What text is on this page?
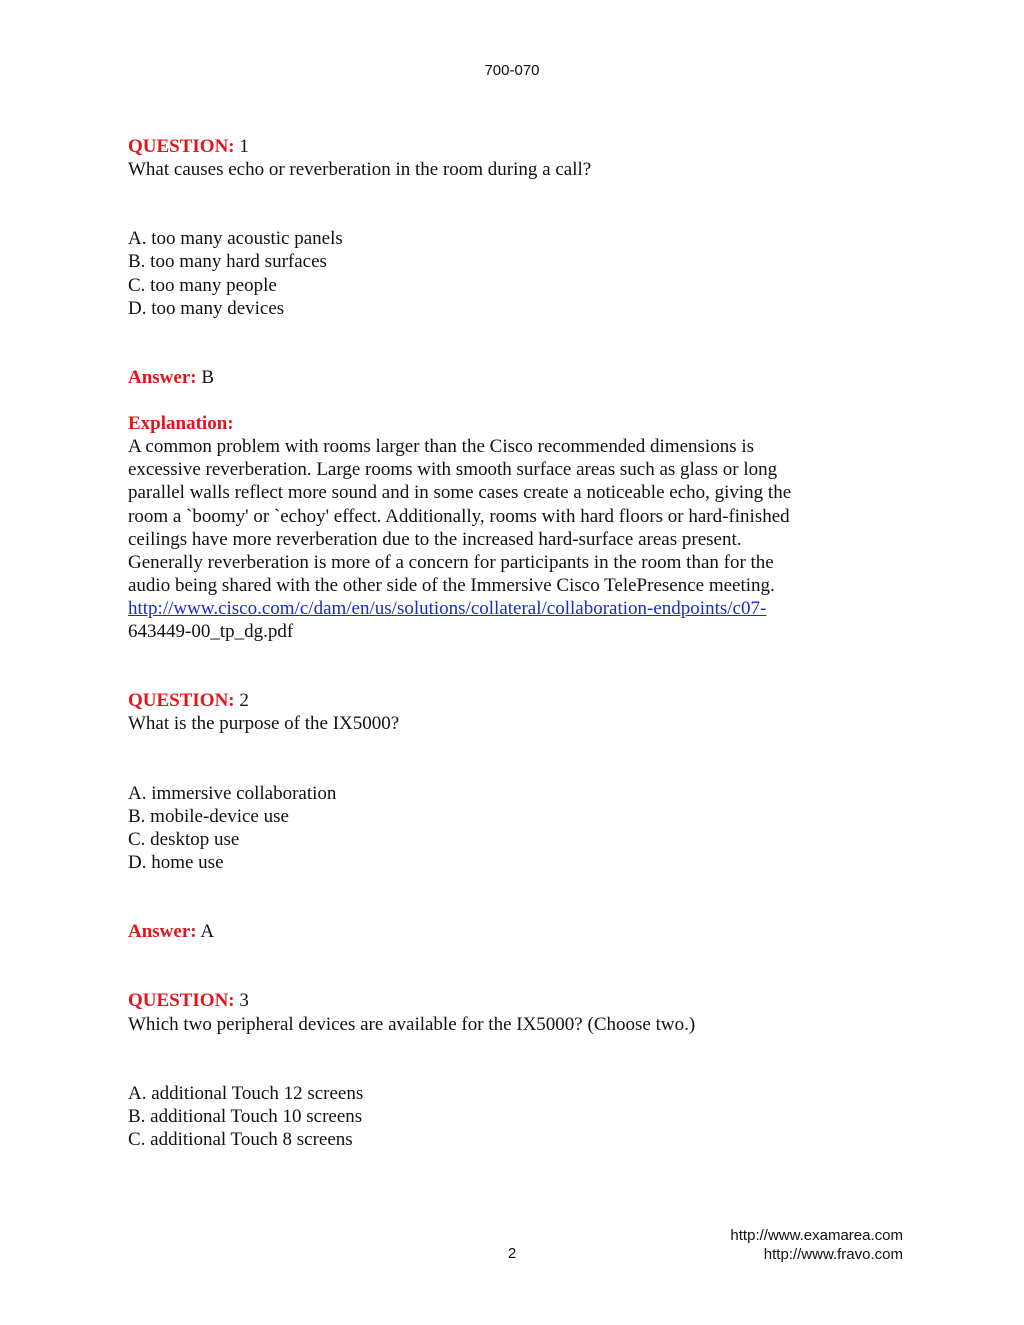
700-070
QUESTION: 1
What causes echo or reverberation in the room during a call?
A. too many acoustic panels
B. too many hard surfaces
C. too many people
D. too many devices
Answer: B
Explanation:
A common problem with rooms larger than the Cisco recommended dimensions is
excessive reverberation. Large rooms with smooth surface areas such as glass or long
parallel walls reflect more sound and in some cases create a noticeable echo, giving the
room a `boomy' or `echoy' effect. Additionally, rooms with hard floors or hard-finished
ceilings have more reverberation due to the increased hard-surface areas present.
Generally reverberation is more of a concern for participants in the room than for the
audio being shared with the other side of the Immersive Cisco TelePresence meeting.
http://www.cisco.com/c/dam/en/us/solutions/collateral/collaboration-endpoints/c07-
643449-00_tp_dg.pdf
QUESTION: 2
What is the purpose of the IX5000?
A. immersive collaboration
B. mobile-device use
C. desktop use
D. home use
Answer: A
QUESTION: 3
Which two peripheral devices are available for the IX5000? (Choose two.)
A. additional Touch 12 screens
B. additional Touch 10 screens
C. additional Touch 8 screens
2
http://www.examarea.com
http://www.fravo.com
